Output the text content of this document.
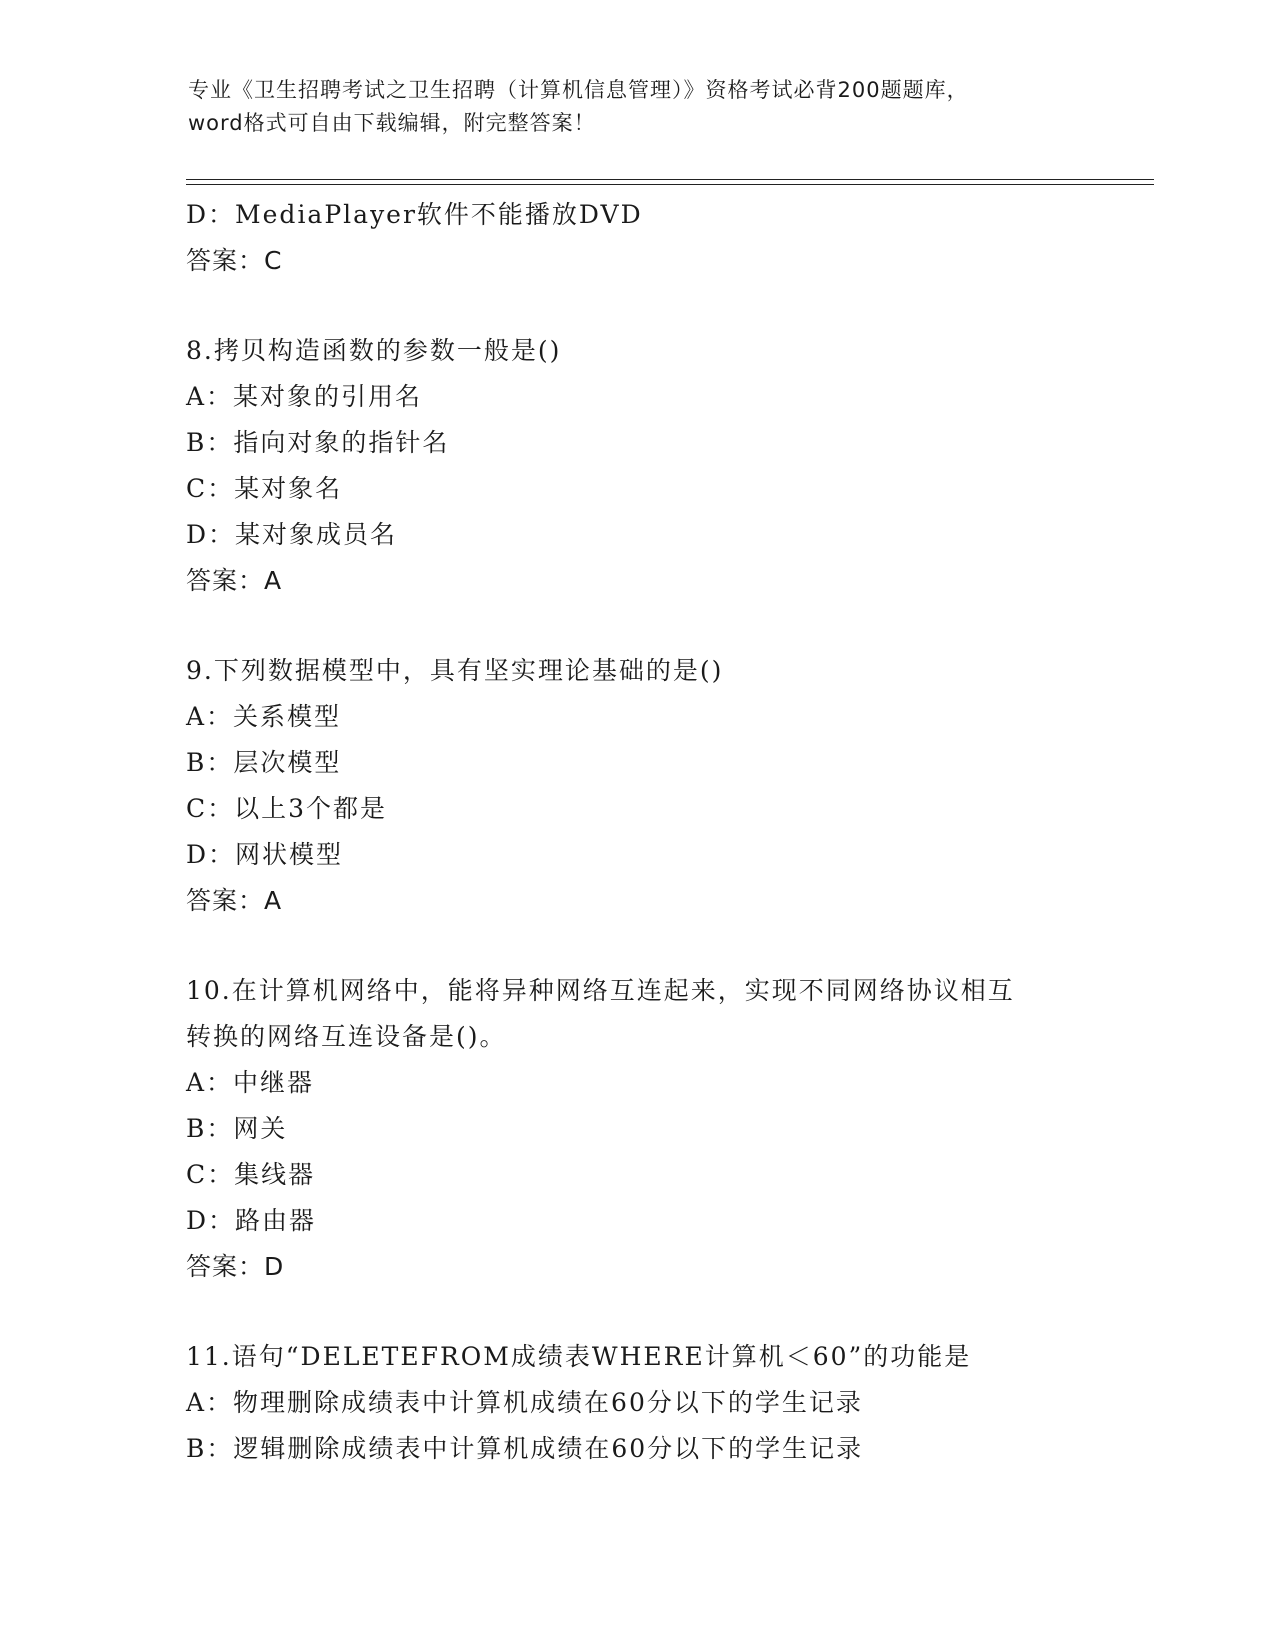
专业《卫生招聘考试之卫生招聘（计算机信息管理）》资格考试必背200题题库，
word格式可自由下载编辑，附完整答案！
D：MediaPlayer软件不能播放DVD
答案：C
8.拷贝构造函数的参数一般是()
A：某对象的引用名
B：指向对象的指针名
C：某对象名
D：某对象成员名
答案：A
9.下列数据模型中，具有坚实理论基础的是()
A：关系模型
B：层次模型
C：以上3个都是
D：网状模型
答案：A
10.在计算机网络中，能将异种网络互连起来，实现不同网络协议相互
转换的网络互连设备是()。
A：中继器
B：网关
C：集线器
D：路由器
答案：D
11.语句“DELETEFROM成绩表WHERE计算机＜60”的功能是
A：物理删除成绩表中计算机成绩在60分以下的学生记录
B：逻辑删除成绩表中计算机成绩在60分以下的学生记录
